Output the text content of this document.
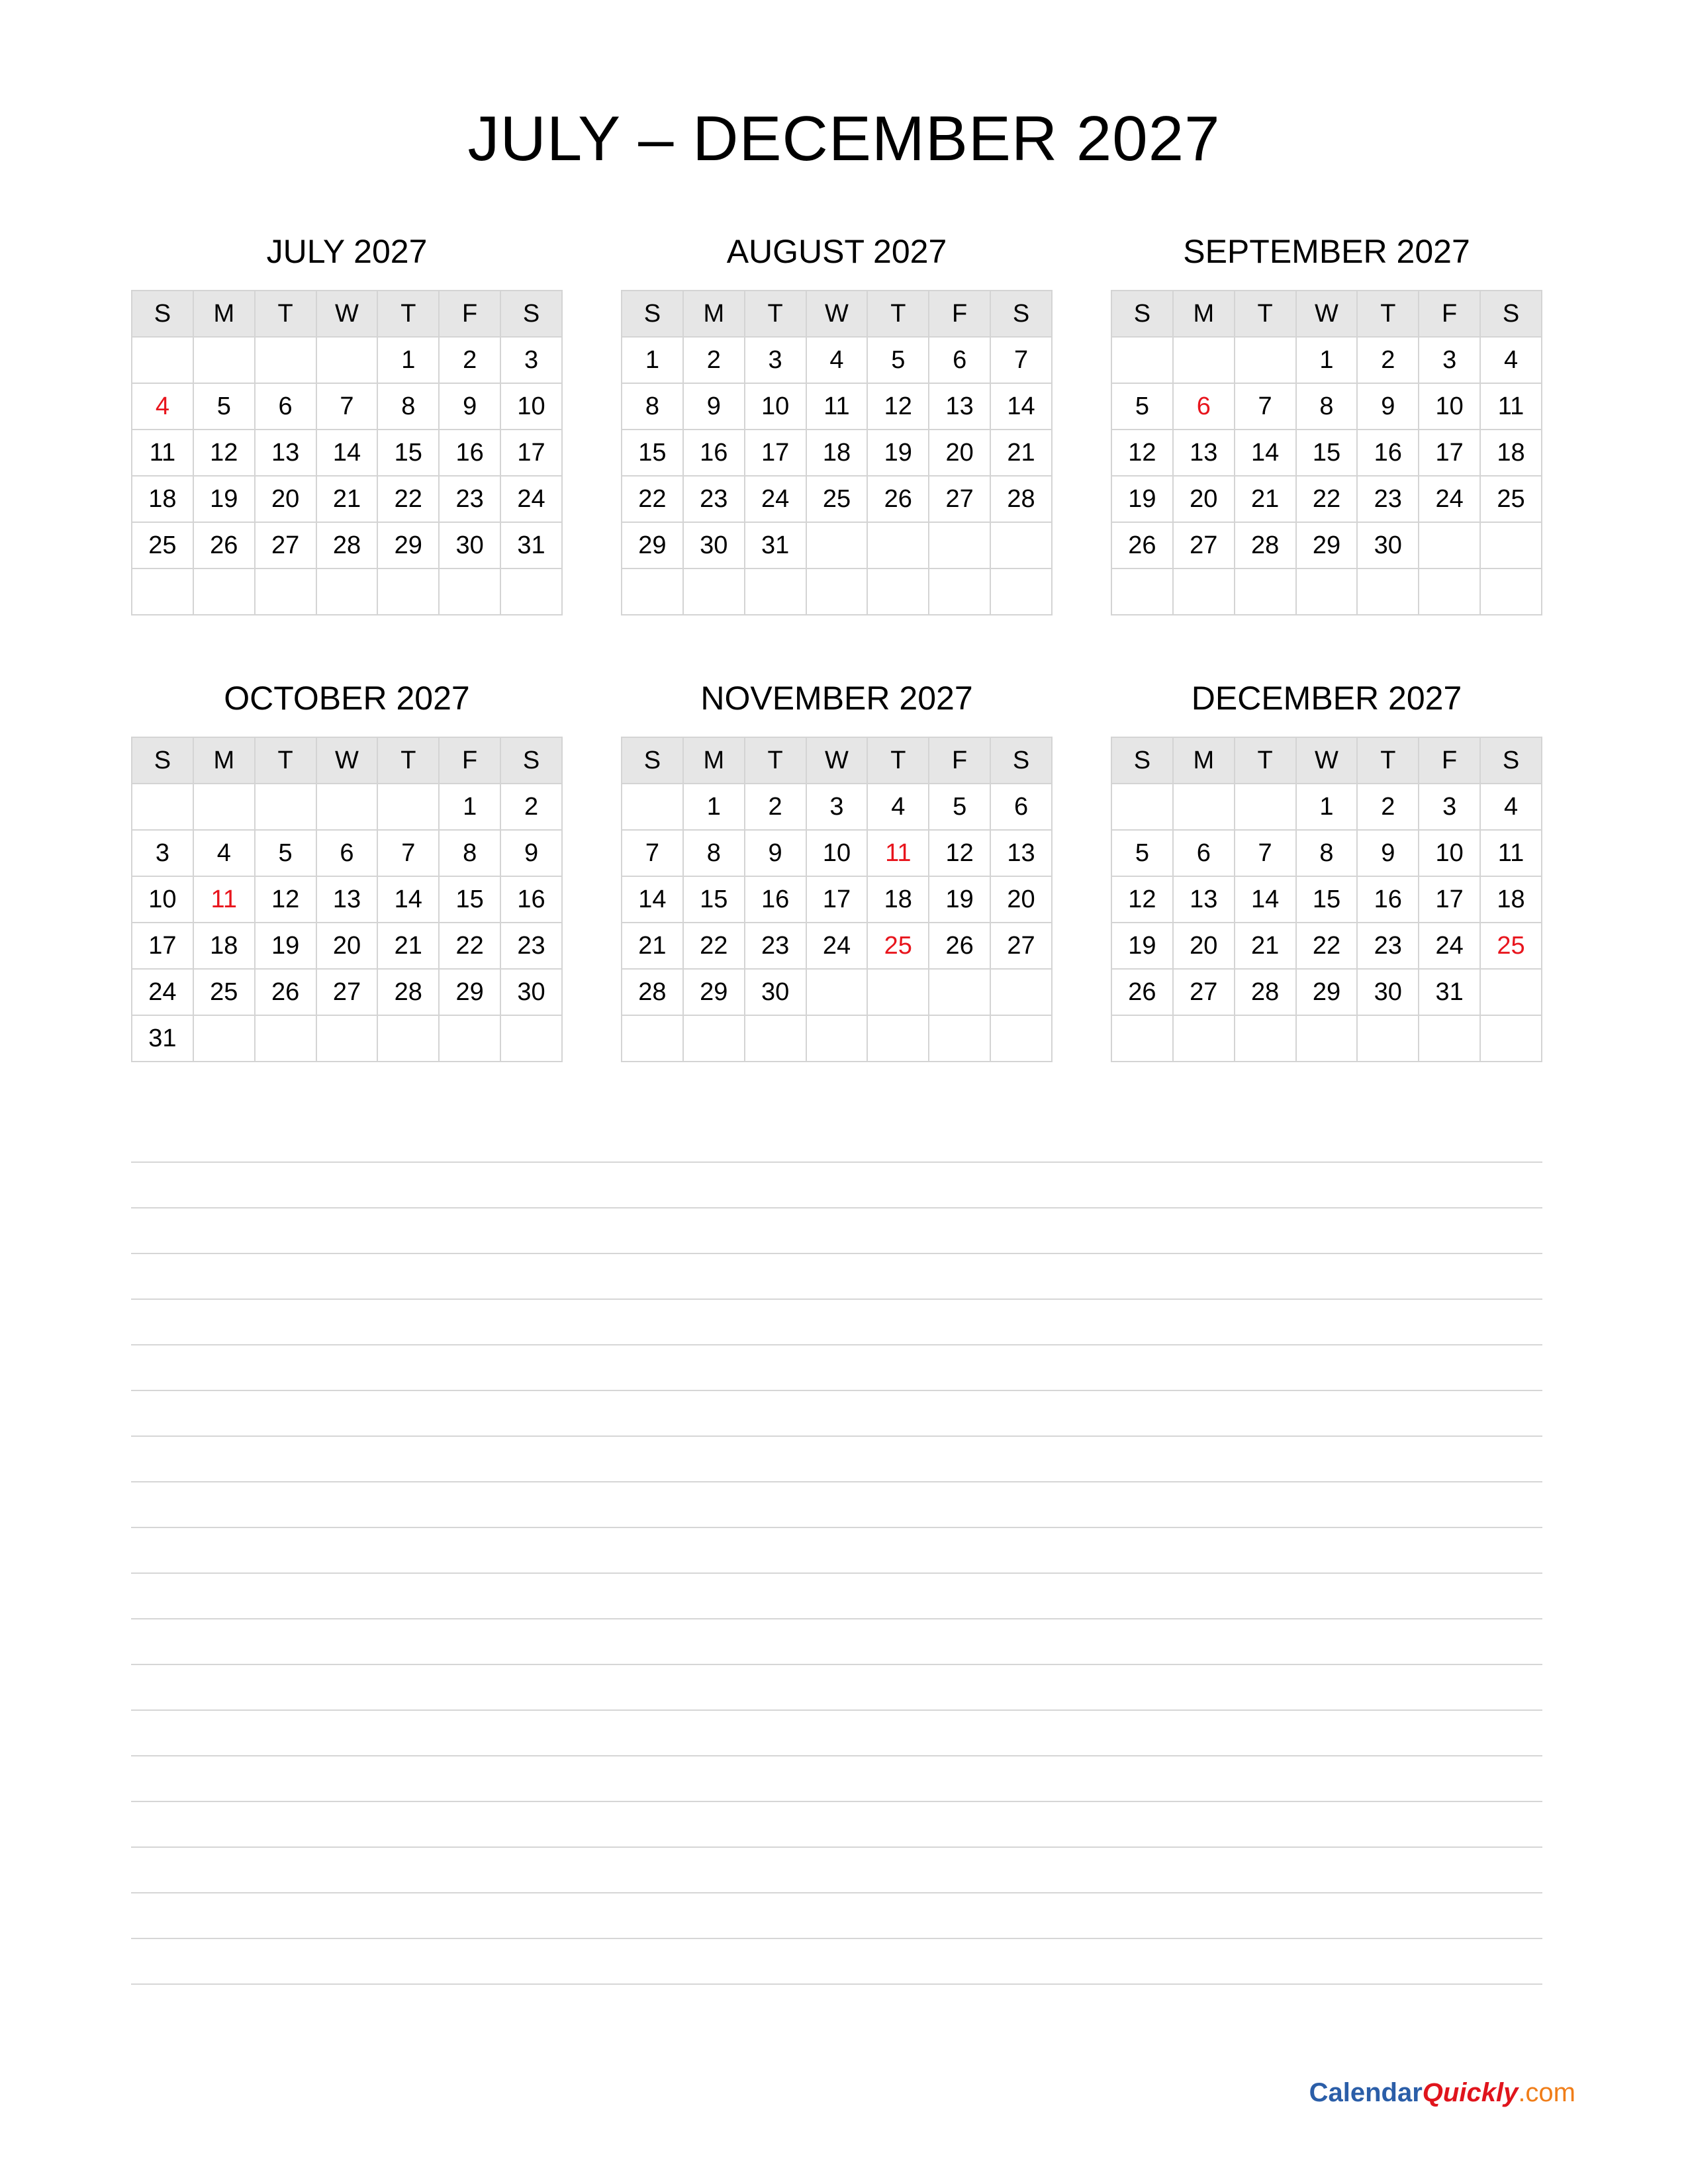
JULY – DECEMBER 2027
JULY 2027
S	M	T	W	T	F	S
				1	2	3
4	5	6	7	8	9	10
11	12	13	14	15	16	17
18	19	20	21	22	23	24
25	26	27	28	29	30	31

AUGUST 2027
S	M	T	W	T	F	S
1	2	3	4	5	6	7
8	9	10	11	12	13	14
15	16	17	18	19	20	21
22	23	24	25	26	27	28
29	30	31				

SEPTEMBER 2027
S	M	T	W	T	F	S
			1	2	3	4
5	6	7	8	9	10	11
12	13	14	15	16	17	18
19	20	21	22	23	24	25
26	27	28	29	30		

OCTOBER 2027
S	M	T	W	T	F	S
					1	2
3	4	5	6	7	8	9
10	11	12	13	14	15	16
17	18	19	20	21	22	23
24	25	26	27	28	29	30
31						
NOVEMBER 2027
S	M	T	W	T	F	S
	1	2	3	4	5	6
7	8	9	10	11	12	13
14	15	16	17	18	19	20
21	22	23	24	25	26	27
28	29	30				

DECEMBER 2027
S	M	T	W	T	F	S
			1	2	3	4
5	6	7	8	9	10	11
12	13	14	15	16	17	18
19	20	21	22	23	24	25
26	27	28	29	30	31	

CalendarQuickly.com
